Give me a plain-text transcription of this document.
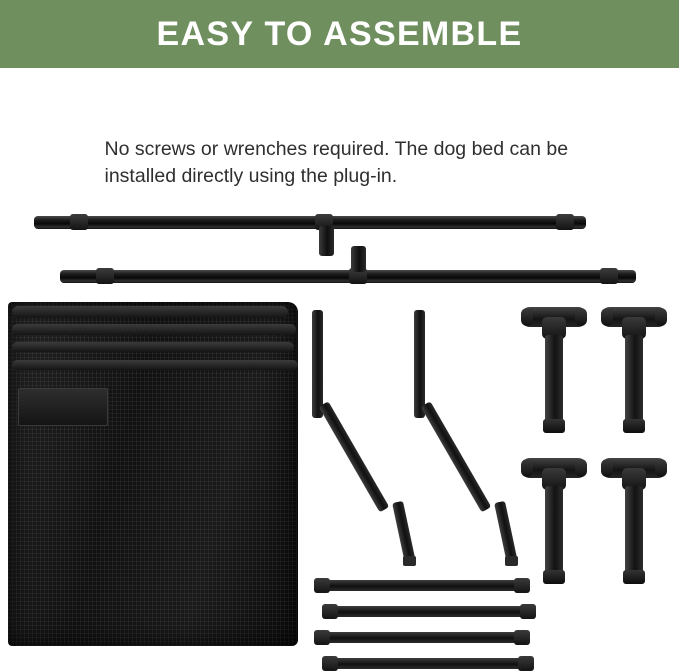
EASY TO ASSEMBLE

No screws or wrenches required. The dog bed can be installed directly using the plug-in.
